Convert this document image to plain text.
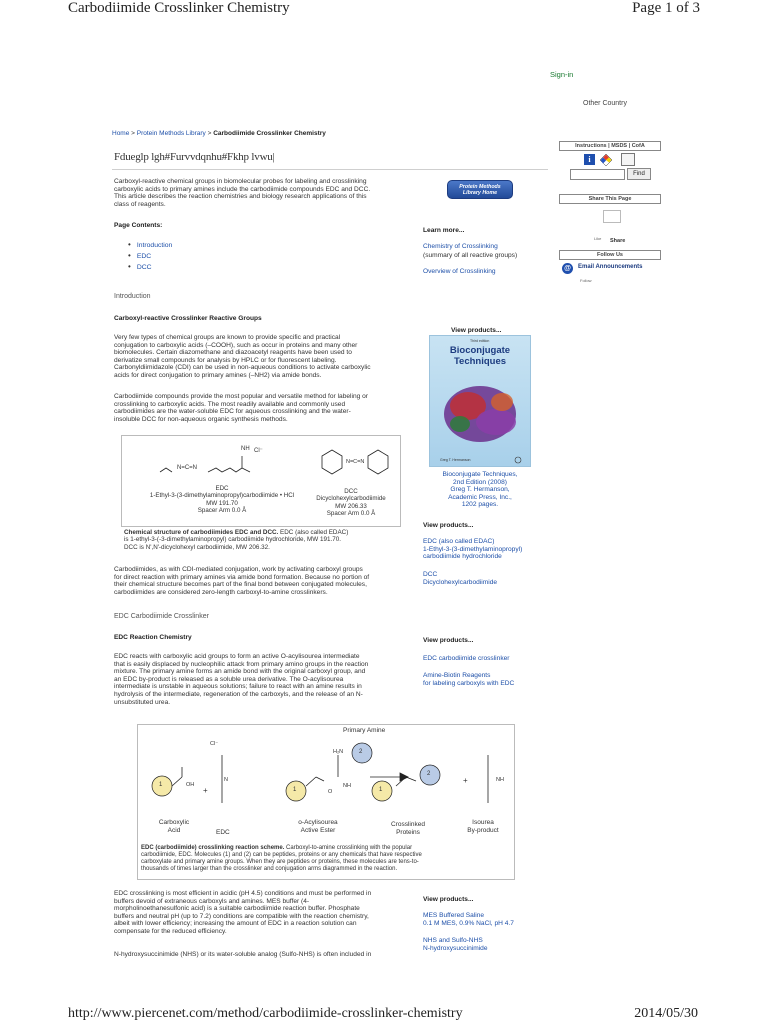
Carbodiimide Crosslinker Chemistry	Page 1 of 3
http://www.piercenet.com/method/carbodiimide-crosslinker-chemistry	2014/05/30
Sign-in
Other Country
Home > Protein Methods Library > Carbodiimide Crosslinker Chemistry
Fdueglp lgh#Furvvdqnhu#Fkhp lvwu|
Carboxyl-reactive chemical groups in biomolecular probes for labeling and crosslinking
carboxylic acids to primary amines include the carbodiimide compounds EDC and DCC.
This article describes the reaction chemistries and biology research applications of this
class of reagents.
Page Contents:
• Introduction
• EDC
• DCC
Protein Methods
Library Home
Learn more...
Chemistry of Crosslinking
(summary of all reactive groups)
Overview of Crosslinking
Instructions | MSDS | CofA
i
Find
Share This Page
Like Share
Follow Us
@	Email Announcements
Follow
Introduction
Carboxyl-reactive Crosslinker Reactive Groups
Very few types of chemical groups are known to provide specific and practical
conjugation to carboxylic acids (–COOH), such as occur in proteins and many other
biomolecules. Certain diazomethane and diazoacetyl reagents have been used to
derivatize small compounds for analysis by HPLC or for fluorescent labeling.
Carbonyldiimidazole (CDI) can be used in non-aqueous conditions to activate carboxylic
acids for direct conjugation to primary amines (–NH2) via amide bonds.
Carbodiimide compounds provide the most popular and versatile method for labeling or
crosslinking to carboxylic acids. The most readily available and commonly used
carbodiimides are the water-soluble EDC for aqueous crosslinking and the water-
insoluble DCC for non-aqueous organic synthesis methods.
View products...
Third edition
Bioconjugate
Techniques
Greg T. Hermanson
Bioconjugate Techniques,
2nd Edition (2008)
Greg T. Hermanson,
Academic Press, Inc.,
1202 pages.
N=C=N
NH Cl⁻
N=C=N
EDC
1-Ethyl-3-(3-dimethylaminopropyl)carbodiimide • HCl
MW 191.70
Spacer Arm 0.0 Å
DCC
Dicyclohexylcarbodiimide
MW 206.33
Spacer Arm 0.0 Å
Chemical structure of carbodiimides EDC and DCC. EDC (also called EDAC)
is 1-ethyl-3-(-3-dimethylaminopropyl) carbodiimide hydrochloride, MW 191.70.
DCC is N',N'-dicyclohexyl carbodiimide, MW 206.32.
View products...
EDC (also called EDAC)
1-Ethyl-3-(3-dimethylaminopropyl)
carbodiimide hydrochloride
DCC
Dicyclohexylcarbodiimide
Carbodiimides, as with CDI-mediated conjugation, work by activating carboxyl groups
for direct reaction with primary amines via amide bond formation. Because no portion of
their chemical structure becomes part of the final bond between conjugated molecules,
carbodiimides are considered zero-length carboxyl-to-amine crosslinkers.
EDC Carbodiimide Crosslinker
EDC Reaction Chemistry
EDC reacts with carboxylic acid groups to form an active O-acylisourea intermediate
that is easily displaced by nucleophilic attack from primary amino groups in the reaction
mixture. The primary amine forms an amide bond with the original carboxyl group, and
an EDC by-product is released as a soluble urea derivative. The O-acylisourea
intermediate is unstable in aqueous solutions; failure to react with an amine results in
hydrolysis of the intermediate, regeneration of the carboxyls, and the release of an N-
unsubstituted urea.
View products...
EDC carbodiimide crosslinker
Amine-Biotin Reagents
for labeling carboxyls with EDC
1
1	1
2
2
OH
Cl⁻
N
O
NH
NH
+
+
Primary Amine
H₂N
Carboxylic
Acid	EDC
o-Acylisourea
Active Ester
Crosslinked
Proteins
Isourea
By-product
EDC (carbodiimide) crosslinking reaction scheme. Carboxyl-to-amine crosslinking with the popular
carbodiimide, EDC. Molecules (1) and (2) can be peptides, proteins or any chemicals that have respective
carboxylate and primary amine groups. When they are peptides or proteins, these molecules are tens-to-
thousands of times larger than the crosslinker and conjugation arms diagrammed in the reaction.
EDC crosslinking is most efficient in acidic (pH 4.5) conditions and must be performed in
buffers devoid of extraneous carboxyls and amines. MES buffer (4-
morpholinoethanesulfonic acid) is a suitable carbodiimide reaction buffer. Phosphate
buffers and neutral pH (up to 7.2) conditions are compatible with the reaction chemistry,
albeit with lower efficiency; increasing the amount of EDC in a reaction solution can
compensate for the reduced efficiency.
N-hydroxysuccinimide (NHS) or its water-soluble analog (Sulfo-NHS) is often included in
View products...
MES Buffered Saline
0.1 M MES, 0.9% NaCl, pH 4.7
NHS and Sulfo-NHS
N-hydroxysuccinimide
